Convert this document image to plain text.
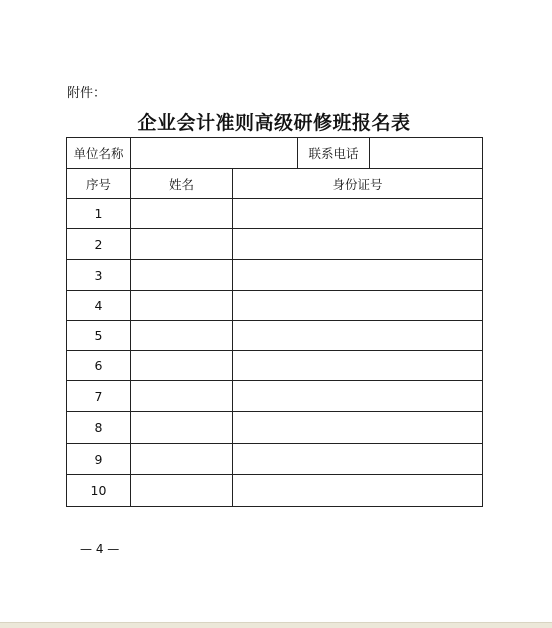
附件：
企业会计准则高级研修班报名表
单位名称			联系电话	
序号	姓名	身份证号		
1				
2				
3				
4				
5				
6				
7				
8				
9				
10				
— 4 —
